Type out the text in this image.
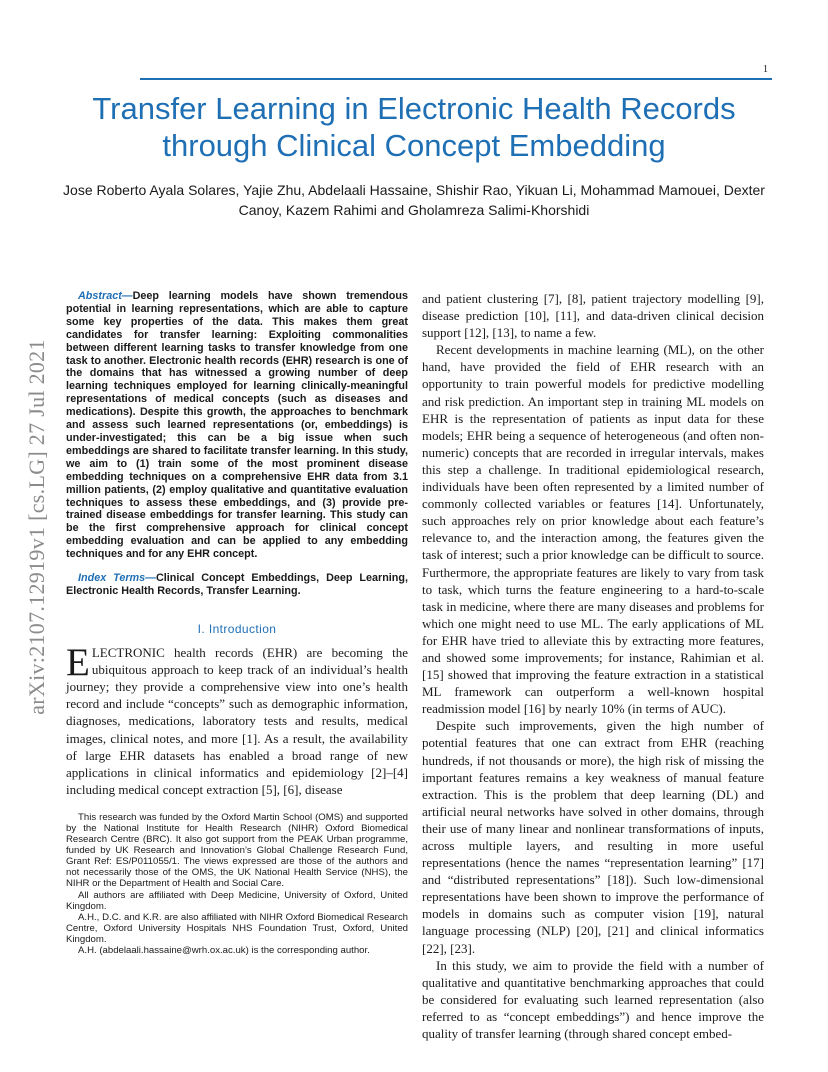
1
Transfer Learning in Electronic Health Records through Clinical Concept Embedding
Jose Roberto Ayala Solares, Yajie Zhu, Abdelaali Hassaine, Shishir Rao, Yikuan Li, Mohammad Mamouei, Dexter Canoy, Kazem Rahimi and Gholamreza Salimi-Khorshidi
arXiv:2107.12919v1 [cs.LG] 27 Jul 2021

Abstract—Deep learning models have shown tremendous potential in learning representations, which are able to capture some key properties of the data. This makes them great candidates for transfer learning: Exploiting commonalities between different learning tasks to transfer knowledge from one task to another. Electronic health records (EHR) research is one of the domains that has witnessed a growing number of deep learning techniques employed for learning clinically-meaningful representations of medical concepts (such as diseases and medications). Despite this growth, the approaches to benchmark and assess such learned representations (or, embeddings) is under-investigated; this can be a big issue when such embeddings are shared to facilitate transfer learning. In this study, we aim to (1) train some of the most prominent disease embedding techniques on a comprehensive EHR data from 3.1 million patients, (2) employ qualitative and quantitative evaluation techniques to assess these embeddings, and (3) provide pre-trained disease embeddings for transfer learning. This study can be the first comprehensive approach for clinical concept embedding evaluation and can be applied to any embedding techniques and for any EHR concept.

Index Terms—Clinical Concept Embeddings, Deep Learning, Electronic Health Records, Transfer Learning.

I. Introduction

ELECTRONIC health records (EHR) are becoming the ubiquitous approach to keep track of an individual’s health journey; they provide a comprehensive view into one’s health record and include “concepts” such as demographic information, diagnoses, medications, laboratory tests and results, medical images, clinical notes, and more [1]. As a result, the availability of large EHR datasets has enabled a broad range of new applications in clinical informatics and epidemiology [2]–[4] including medical concept extraction [5], [6], disease

This research was funded by the Oxford Martin School (OMS) and supported by the National Institute for Health Research (NIHR) Oxford Biomedical Research Centre (BRC). It also got support from the PEAK Urban programme, funded by UK Research and Innovation’s Global Challenge Research Fund, Grant Ref: ES/P011055/1. The views expressed are those of the authors and not necessarily those of the OMS, the UK National Health Service (NHS), the NIHR or the Department of Health and Social Care.

All authors are affiliated with Deep Medicine, University of Oxford, United Kingdom.

A.H., D.C. and K.R. are also affiliated with NIHR Oxford Biomedical Research Centre, Oxford University Hospitals NHS Foundation Trust, Oxford, United Kingdom.

A.H. (abdelaali.hassaine@wrh.ox.ac.uk) is the corresponding author.

and patient clustering [7], [8], patient trajectory modelling [9], disease prediction [10], [11], and data-driven clinical decision support [12], [13], to name a few.

Recent developments in machine learning (ML), on the other hand, have provided the field of EHR research with an opportunity to train powerful models for predictive modelling and risk prediction. An important step in training ML models on EHR is the representation of patients as input data for these models; EHR being a sequence of heterogeneous (and often non-numeric) concepts that are recorded in irregular intervals, makes this step a challenge. In traditional epidemiological research, individuals have been often represented by a limited number of commonly collected variables or features [14]. Unfortunately, such approaches rely on prior knowledge about each feature’s relevance to, and the interaction among, the features given the task of interest; such a prior knowledge can be difficult to source. Furthermore, the appropriate features are likely to vary from task to task, which turns the feature engineering to a hard-to-scale task in medicine, where there are many diseases and problems for which one might need to use ML. The early applications of ML for EHR have tried to alleviate this by extracting more features, and showed some improvements; for instance, Rahimian et al. [15] showed that improving the feature extraction in a statistical ML framework can outperform a well-known hospital readmission model [16] by nearly 10% (in terms of AUC).

Despite such improvements, given the high number of potential features that one can extract from EHR (reaching hundreds, if not thousands or more), the high risk of missing the important features remains a key weakness of manual feature extraction. This is the problem that deep learning (DL) and artificial neural networks have solved in other domains, through their use of many linear and nonlinear transformations of inputs, across multiple layers, and resulting in more useful representations (hence the names “representation learning” [17] and “distributed representations” [18]). Such low-dimensional representations have been shown to improve the performance of models in domains such as computer vision [19], natural language processing (NLP) [20], [21] and clinical informatics [22], [23].

In this study, we aim to provide the field with a number of qualitative and quantitative benchmarking approaches that could be considered for evaluating such learned representation (also referred to as “concept embeddings”) and hence improve the quality of transfer learning (through shared concept embed-
